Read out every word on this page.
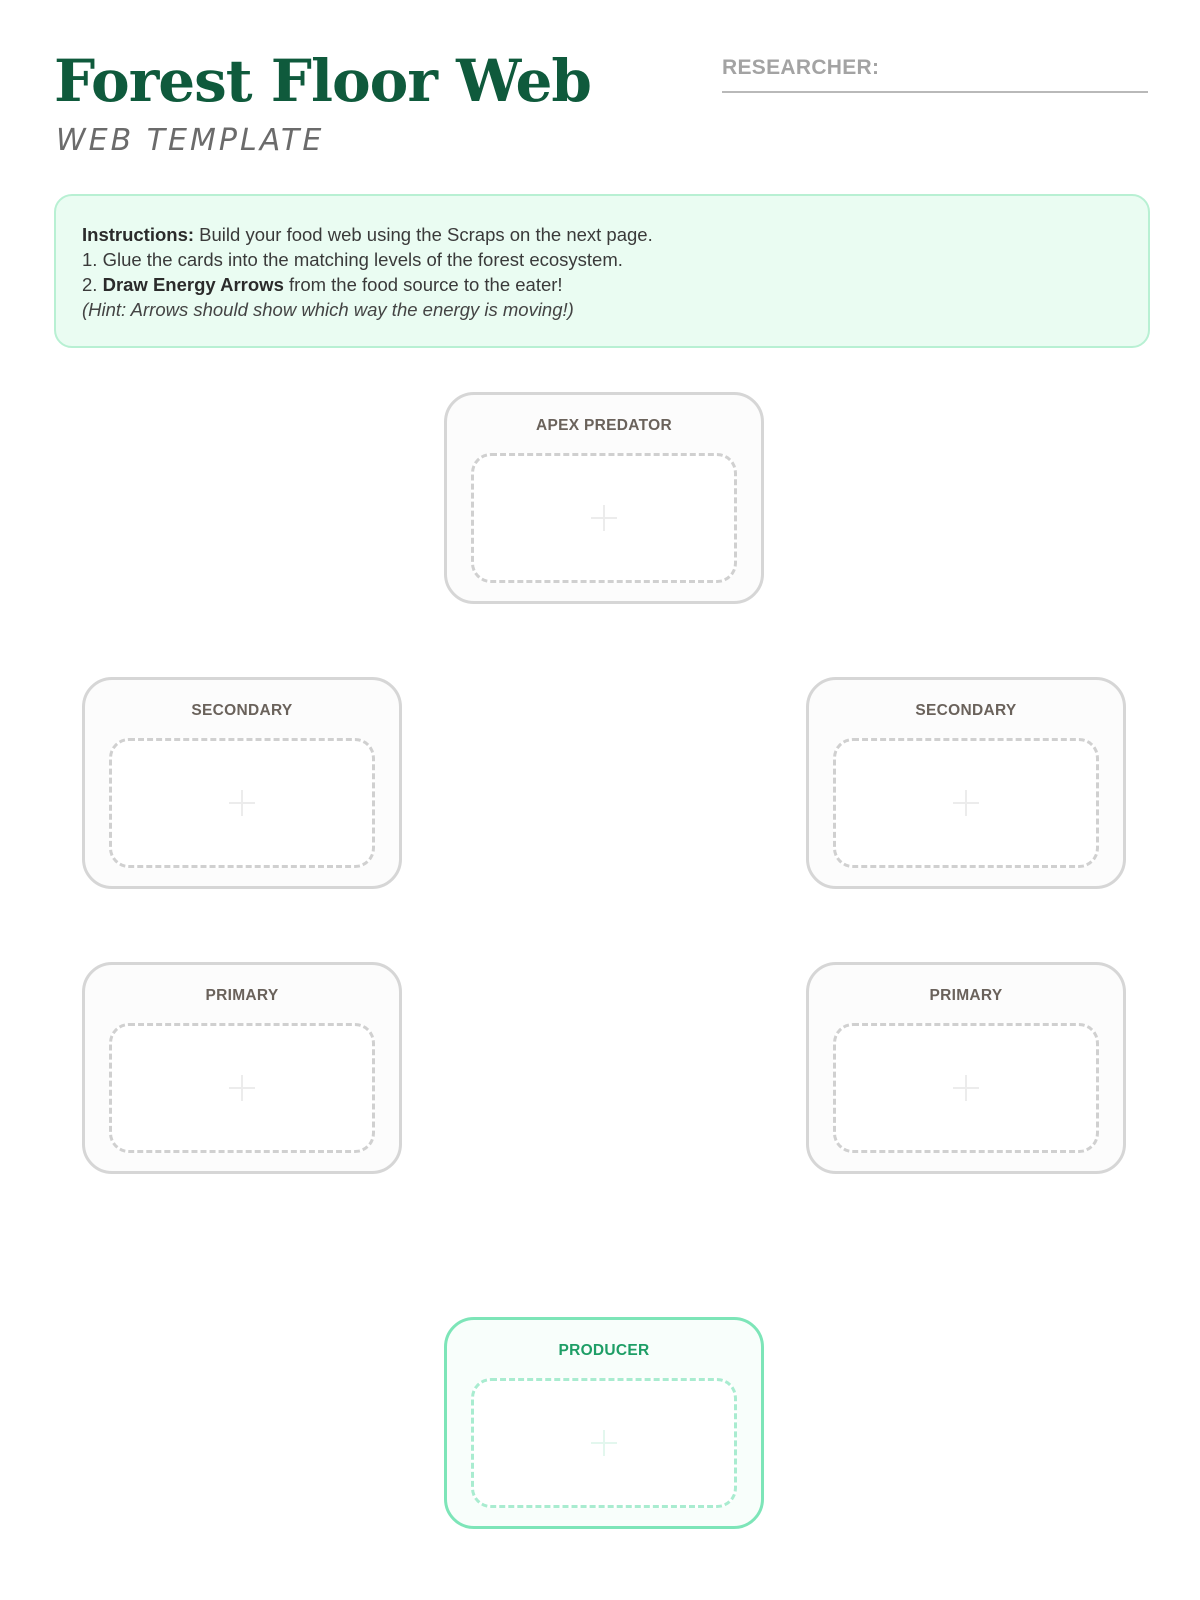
Forest Floor Web
WEB TEMPLATE
RESEARCHER:
Instructions: Build your food web using the Scraps on the next page.
1. Glue the cards into the matching levels of the forest ecosystem.
2. Draw Energy Arrows from the food source to the eater!
(Hint: Arrows should show which way the energy is moving!)
APEX PREDATOR
SECONDARY	SECONDARY
PRIMARY	PRIMARY
PRODUCER
